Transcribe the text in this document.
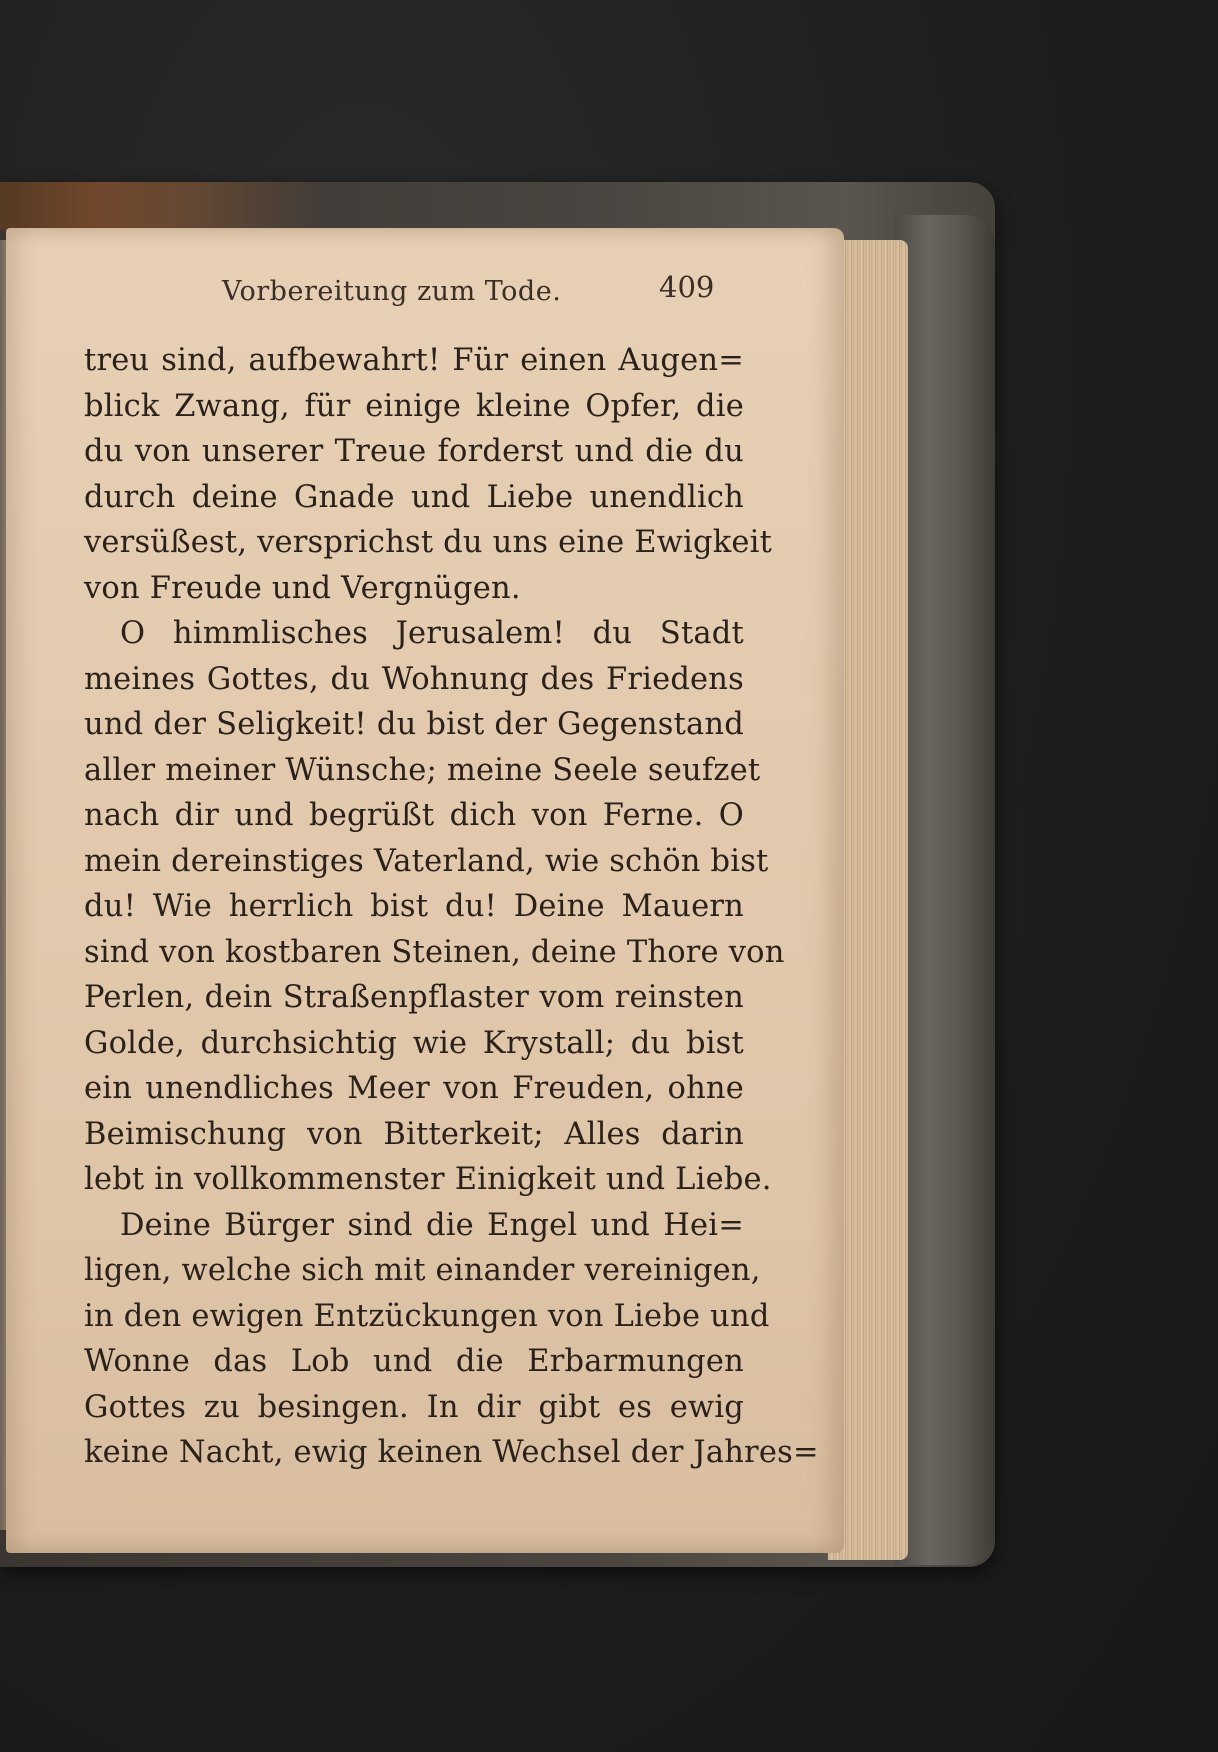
Vorbereitung zum Tode.	409
treu sind, aufbewahrt! Für einen Augen=
blick Zwang, für einige kleine Opfer, die
du von unserer Treue forderst und die du
durch deine Gnade und Liebe unendlich
versüßest, versprichst du uns eine Ewigkeit
von Freude und Vergnügen.
O himmlisches Jerusalem! du Stadt
meines Gottes, du Wohnung des Friedens
und der Seligkeit! du bist der Gegenstand
aller meiner Wünsche; meine Seele seufzet
nach dir und begrüßt dich von Ferne. O
mein dereinstiges Vaterland, wie schön bist
du! Wie herrlich bist du! Deine Mauern
sind von kostbaren Steinen, deine Thore von
Perlen, dein Straßenpflaster vom reinsten
Golde, durchsichtig wie Krystall; du bist
ein unendliches Meer von Freuden, ohne
Beimischung von Bitterkeit; Alles darin
lebt in vollkommenster Einigkeit und Liebe.
Deine Bürger sind die Engel und Hei=
ligen, welche sich mit einander vereinigen,
in den ewigen Entzückungen von Liebe und
Wonne das Lob und die Erbarmungen
Gottes zu besingen. In dir gibt es ewig
keine Nacht, ewig keinen Wechsel der Jahres=
